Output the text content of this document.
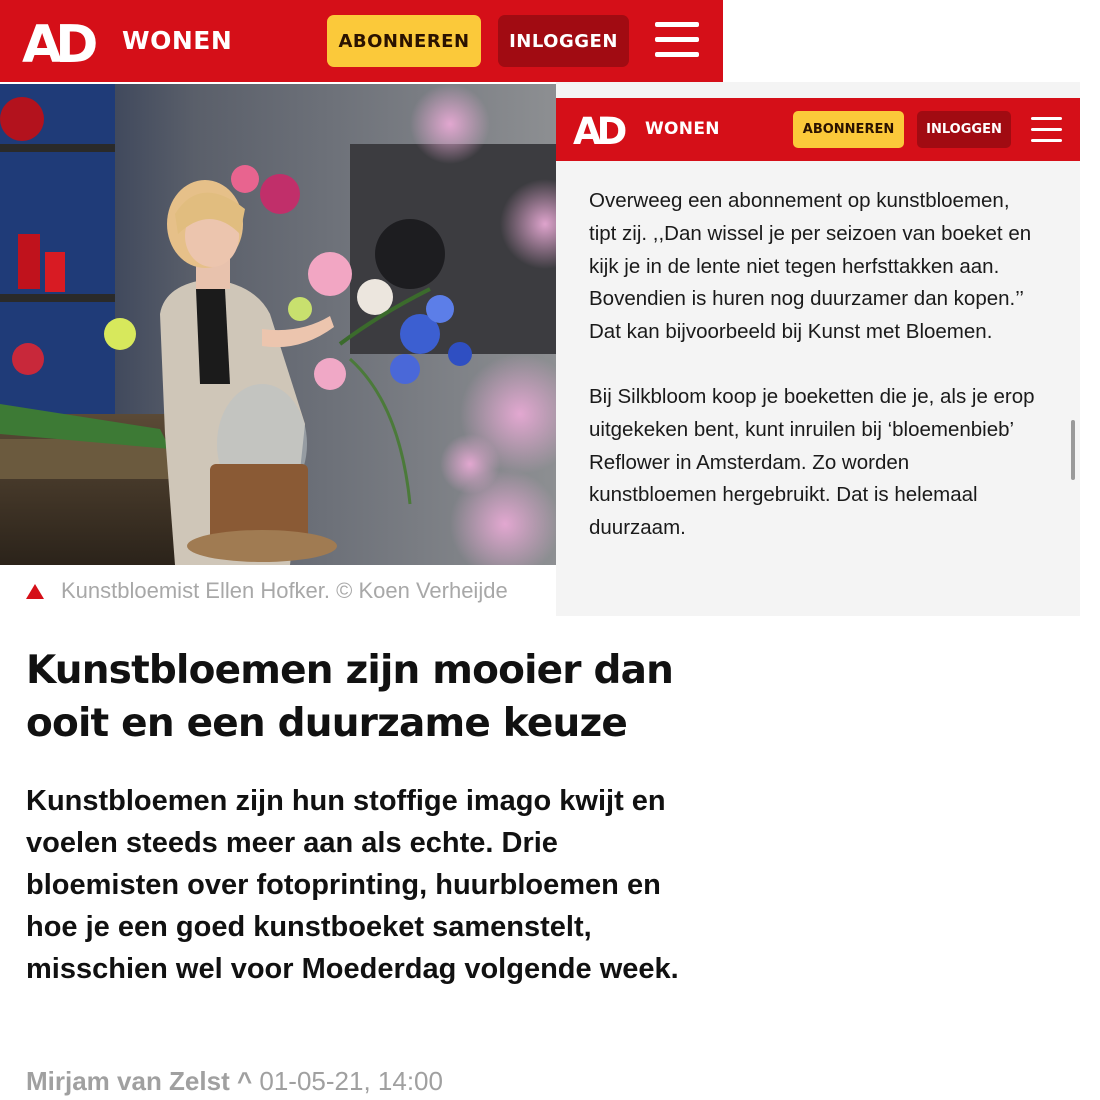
AD WONEN	ABONNEREN	INLOGGEN
Kunstbloemist Ellen Hofker. © Koen Verheijde
AD WONEN	ABONNEREN	INLOGGEN

Overweeg een abonnement op kunstbloemen, tipt zij. ,,Dan wissel je per seizoen van boeket en kijk je in de lente niet tegen herfsttakken aan. Bovendien is huren nog duurzamer dan kopen.’’ Dat kan bijvoorbeeld bij Kunst met Bloemen.

Bij Silkbloom koop je boeketten die je, als je erop uitgekeken bent, kunt inruilen bij ‘bloemenbieb’ Reflower in Amsterdam. Zo worden kunstbloemen hergebruikt. Dat is helemaal duurzaam.

Kunstbloemen zijn mooier dan ooit en een duurzame keuze

Kunstbloemen zijn hun stoffige imago kwijt en voelen steeds meer aan als echte. Drie bloemisten over fotoprinting, huurbloemen en hoe je een goed kunstboeket samenstelt, misschien wel voor Moederdag volgende week.

Mirjam van Zelst ^ 01-05-21, 14:00
